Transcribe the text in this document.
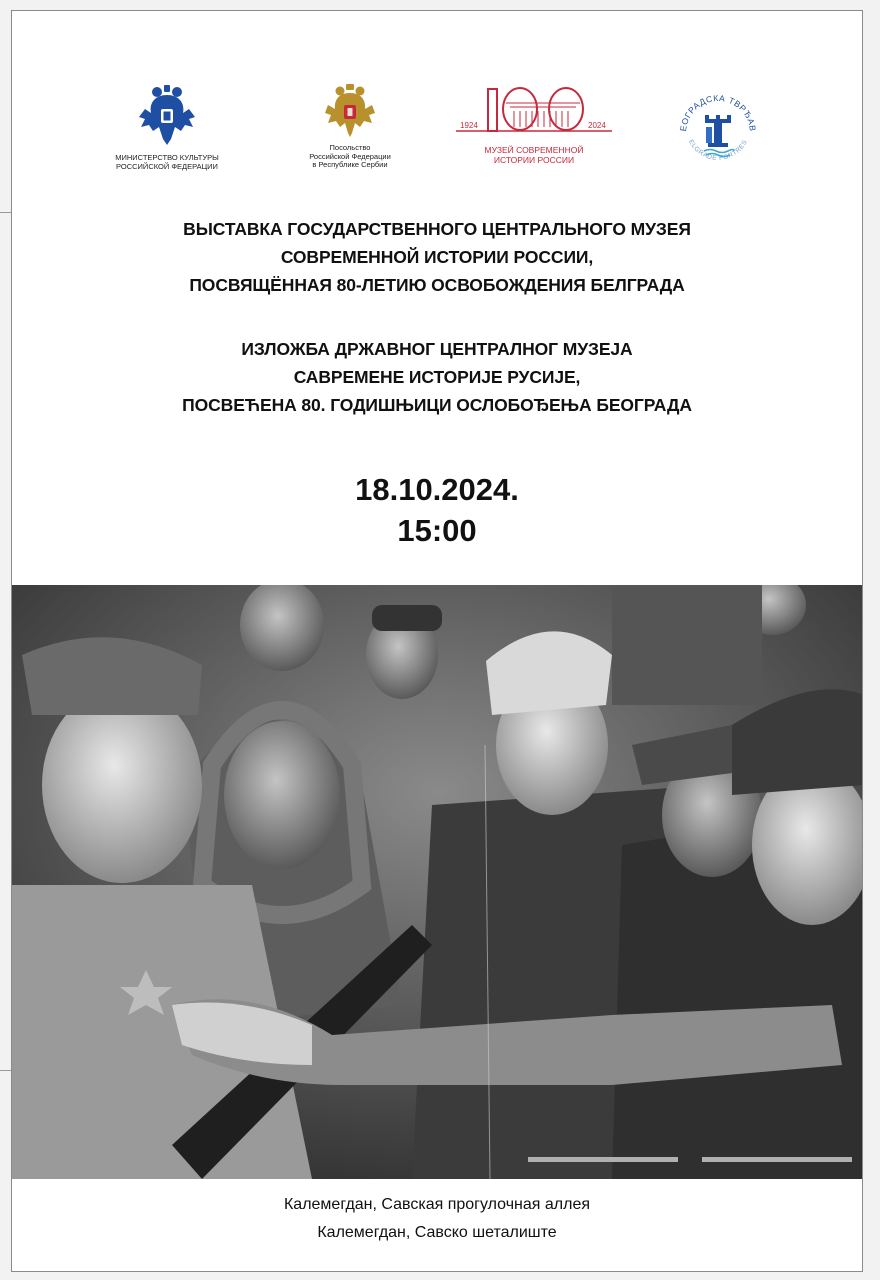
МИНИСТЕРСТВО КУЛЬТУРЫ
РОССИЙСКОЙ ФЕДЕРАЦИИ
Посольство
Российской Федерации
в Республике Сербии
1924	2024
100
МУЗЕЙ СОВРЕМЕННОЙ
ИСТОРИИ РОССИИ
ЕОГРАДСКА ТВРЂАВ
ELGRADE FORTRES
ВЫСТАВКА ГОСУДАРСТВЕННОГО ЦЕНТРАЛЬНОГО МУЗЕЯ
СОВРЕМЕННОЙ ИСТОРИИ РОССИИ,
ПОСВЯЩЁННАЯ 80-ЛЕТИЮ ОСВОБОЖДЕНИЯ БЕЛГРАДА
ИЗЛОЖБА ДРЖАВНОГ ЦЕНТРАЛНОГ МУЗЕЈА
САВРЕМЕНЕ ИСТОРИЈЕ РУСИЈЕ,
ПОСВЕЋЕНА 80. ГОДИШЊИЦИ ОСЛОБОЂЕЊА БЕОГРАДА
18.10.2024.
15:00
Калемегдан, Савская прогулочная аллея
Калемегдан, Савско шеталиште
